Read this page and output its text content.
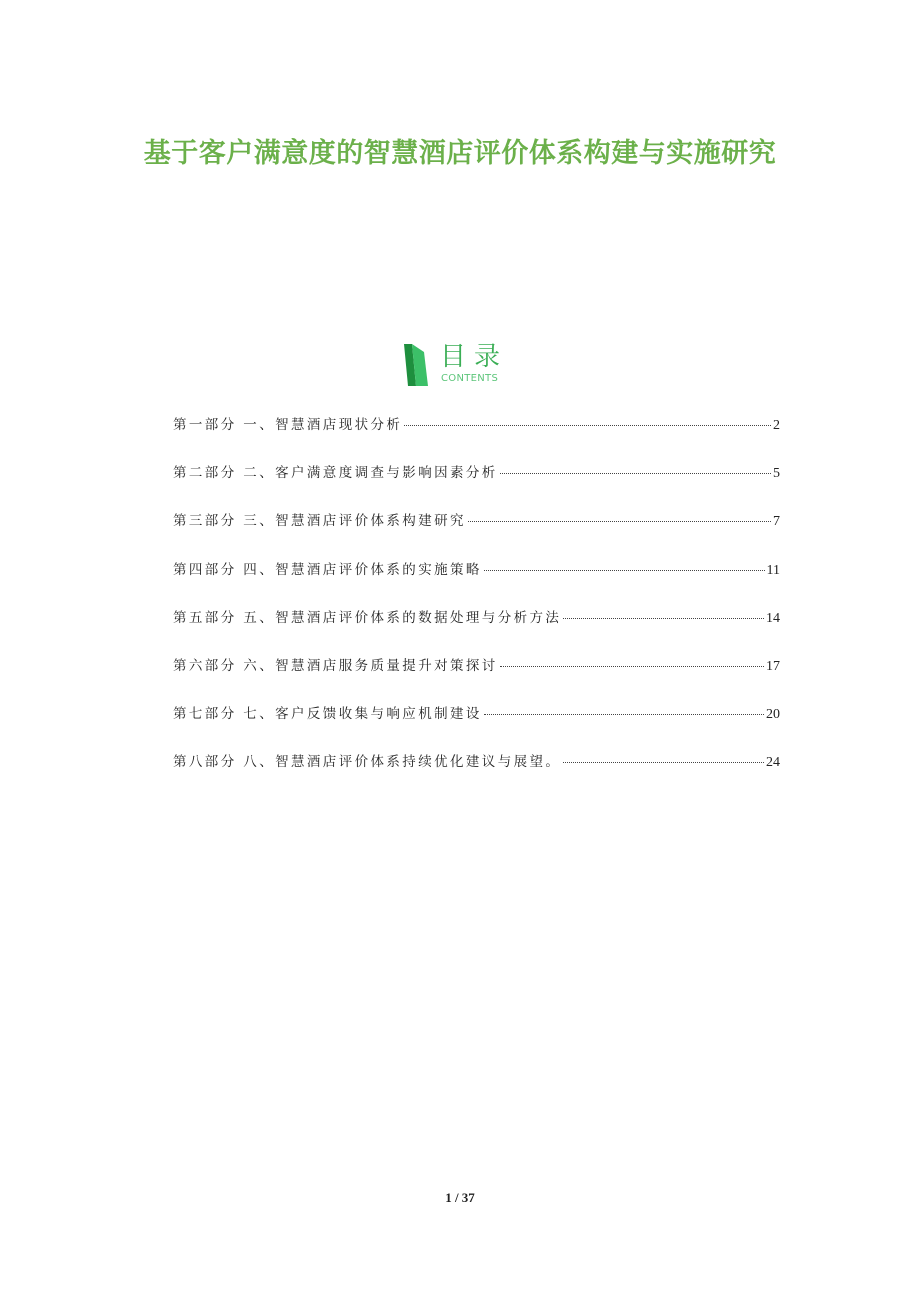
基于客户满意度的智慧酒店评价体系构建与实施研究
目录
CONTENTS
第一部分 一、智慧酒店现状分析	2
第二部分 二、客户满意度调查与影响因素分析	5
第三部分 三、智慧酒店评价体系构建研究	7
第四部分 四、智慧酒店评价体系的实施策略	11
第五部分 五、智慧酒店评价体系的数据处理与分析方法	14
第六部分 六、智慧酒店服务质量提升对策探讨	17
第七部分 七、客户反馈收集与响应机制建设	20
第八部分 八、智慧酒店评价体系持续优化建议与展望。	24
1 / 37
